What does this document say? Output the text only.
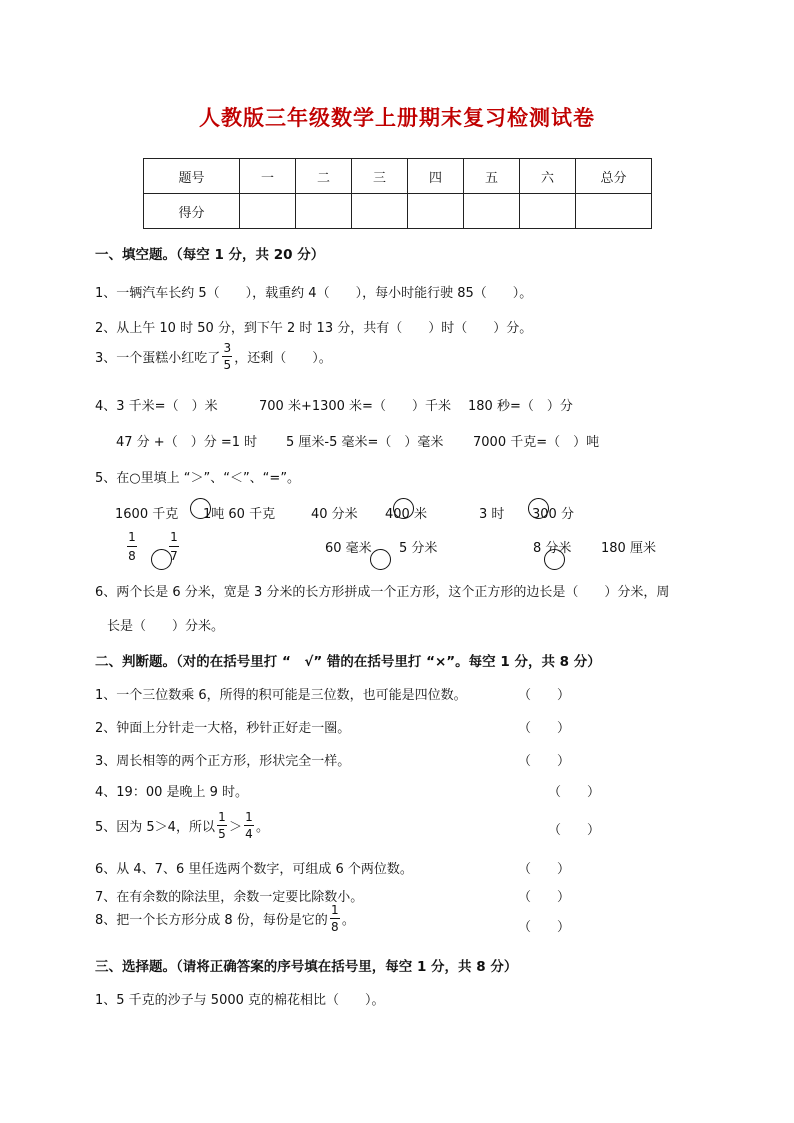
人教版三年级数学上册期末复习检测试卷
题号	一	二	三	四	五	六	总分
得分							
一、填空题。（每空 1 分，共 20 分）
1、一辆汽车长约 5（　　），载重约 4（　　），每小时能行驶 85（　　）。
2、从上午 10 时 50 分，到下午 2 时 13 分，共有（　　）时（　　）分。
3、一个蛋糕小红吃了 $\frac{3}{5}$ ，还剩（　　）。
4、3 千米=（　）米	700 米+1300 米=（　　）千米 180 秒=（　）分
47 分 +（　）分 =1 时 5 厘米-5 毫米=（　）毫米 7000 千克=（　）吨
5、在○里填上 “＞”、“＜”、“=”。
1600 千克 1吨 60 千克	40 分米 400 米	3 时 300 分
1
8
1
7	60 毫米 5 分米	8 分米 180 厘米
6、两个长是 6 分米，宽是 3 分米的长方形拼成一个正方形，这个正方形的边长是（　　）分米，周
长是（　　）分米。
二、判断题。（对的在括号里打 “　√” 错的在括号里打 “×”。每空 1 分，共 8 分）
1、一个三位数乘 6，所得的积可能是三位数，也可能是四位数。	（　　）
2、钟面上分针走一大格，秒针正好走一圈。	（　　）
3、周长相等的两个正方形，形状完全一样。	（　　）
4、19：00 是晚上 9 时。	（　　）
5、因为 5＞4，所以 $\frac{1}{5} > \frac{1}{4}$ 。	（　　）
6、从 4、7、6 里任选两个数字，可组成 6 个两位数。	（　　）
7、在有余数的除法里，余数一定要比除数小。	（　　）
8、把一个长方形分成 8 份，每份是它的 $\frac{1}{8}$ 。	（　　）
三、选择题。（请将正确答案的序号填在括号里，每空 1 分，共 8 分）
1、5 千克的沙子与 5000 克的棉花相比（　　）。
